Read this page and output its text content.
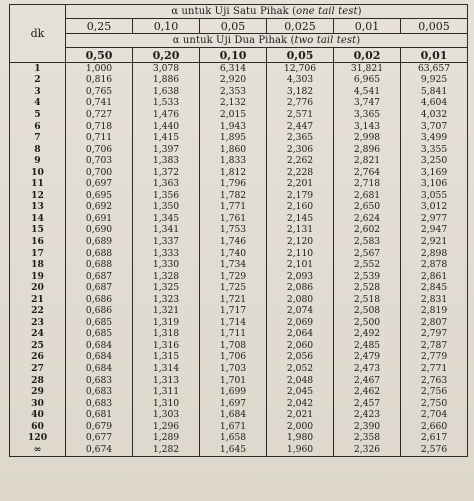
dk	α untuk Uji Satu Pihak (one tail test)					
	0,25	0,10	0,05	0,025	0,01	0,005
	α untuk Uji Dua Pihak (two tail test)					
	0,50	0,20	0,10	0,05	0,02	0,01
1	1,000	3,078	6,314	12,706	31,821	63,657
2	0,816	1,886	2,920	4,303	6,965	9,925
3	0,765	1,638	2,353	3,182	4,541	5,841
4	0,741	1,533	2,132	2,776	3,747	4,604
5	0,727	1,476	2,015	2,571	3,365	4,032
6	0,718	1,440	1,943	2,447	3,143	3,707
7	0,711	1,415	1,895	2,365	2,998	3,499
8	0,706	1,397	1,860	2,306	2,896	3,355
9	0,703	1,383	1,833	2,262	2,821	3,250
10	0,700	1,372	1,812	2,228	2,764	3,169
11	0,697	1,363	1,796	2,201	2,718	3,106
12	0,695	1,356	1,782	2,179	2,681	3,055
13	0,692	1,350	1,771	2,160	2,650	3,012
14	0,691	1,345	1,761	2,145	2,624	2,977
15	0,690	1,341	1,753	2,131	2,602	2,947
16	0,689	1,337	1,746	2,120	2,583	2,921
17	0,688	1,333	1,740	2,110	2,567	2,898
18	0,688	1,330	1,734	2,101	2,552	2,878
19	0,687	1,328	1,729	2,093	2,539	2,861
20	0,687	1,325	1,725	2,086	2,528	2,845
21	0,686	1,323	1,721	2,080	2,518	2,831
22	0,686	1,321	1,717	2,074	2,508	2,819
23	0,685	1,319	1,714	2,069	2,500	2,807
24	0,685	1,318	1,711	2,064	2,492	2,797
25	0,684	1,316	1,708	2,060	2,485	2,787
26	0,684	1,315	1,706	2,056	2,479	2,779
27	0,684	1,314	1,703	2,052	2,473	2,771
28	0,683	1,313	1,701	2,048	2,467	2,763
29	0,683	1,311	1,699	2,045	2,462	2,756
30	0,683	1,310	1,697	2,042	2,457	2,750
40	0,681	1,303	1,684	2,021	2,423	2,704
60	0,679	1,296	1,671	2,000	2,390	2,660
120	0,677	1,289	1,658	1,980	2,358	2,617
∞	0,674	1,282	1,645	1,960	2,326	2,576
